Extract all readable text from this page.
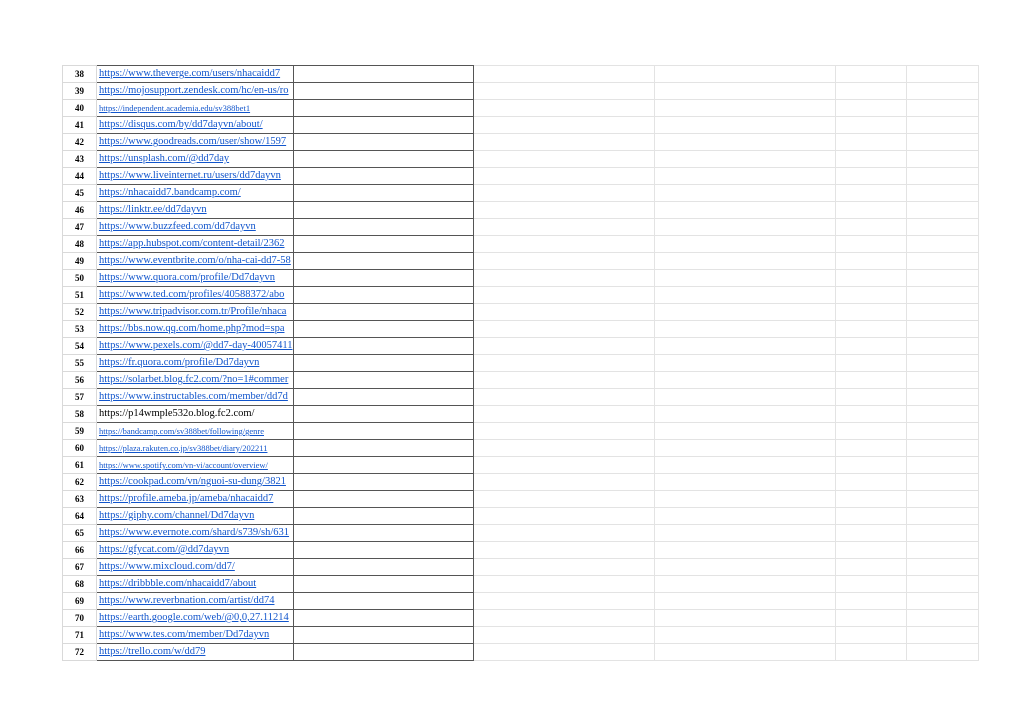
38	https://www.theverge.com/users/nhacaidd7					
39	https://mojosupport.zendesk.com/hc/en-us/ro					
40	https://independent.academia.edu/sv388bet1					
41	https://disqus.com/by/dd7dayvn/about/					
42	https://www.goodreads.com/user/show/1597					
43	https://unsplash.com/@dd7day					
44	https://www.liveinternet.ru/users/dd7dayvn					
45	https://nhacaidd7.bandcamp.com/					
46	https://linktr.ee/dd7dayvn					
47	https://www.buzzfeed.com/dd7dayvn					
48	https://app.hubspot.com/content-detail/2362					
49	https://www.eventbrite.com/o/nha-cai-dd7-58					
50	https://www.quora.com/profile/Dd7dayvn					
51	https://www.ted.com/profiles/40588372/abo					
52	https://www.tripadvisor.com.tr/Profile/nhaca					
53	https://bbs.now.qq.com/home.php?mod=spa					
54	https://www.pexels.com/@dd7-day-40057411					
55	https://fr.quora.com/profile/Dd7dayvn					
56	https://solarbet.blog.fc2.com/?no=1#commer					
57	https://www.instructables.com/member/dd7d					
58	https://p14wmple532o.blog.fc2.com/					
59	https://bandcamp.com/sv388bet/following/genre					
60	https://plaza.rakuten.co.jp/sv388bet/diary/202211					
61	https://www.spotify.com/vn-vi/account/overview/					
62	https://cookpad.com/vn/nguoi-su-dung/3821					
63	https://profile.ameba.jp/ameba/nhacaidd7					
64	https://giphy.com/channel/Dd7dayvn					
65	https://www.evernote.com/shard/s739/sh/631					
66	https://gfycat.com/@dd7dayvn					
67	https://www.mixcloud.com/dd7/					
68	https://dribbble.com/nhacaidd7/about					
69	https://www.reverbnation.com/artist/dd74					
70	https://earth.google.com/web/@0,0,27.11214					
71	https://www.tes.com/member/Dd7dayvn					
72	https://trello.com/w/dd79					
